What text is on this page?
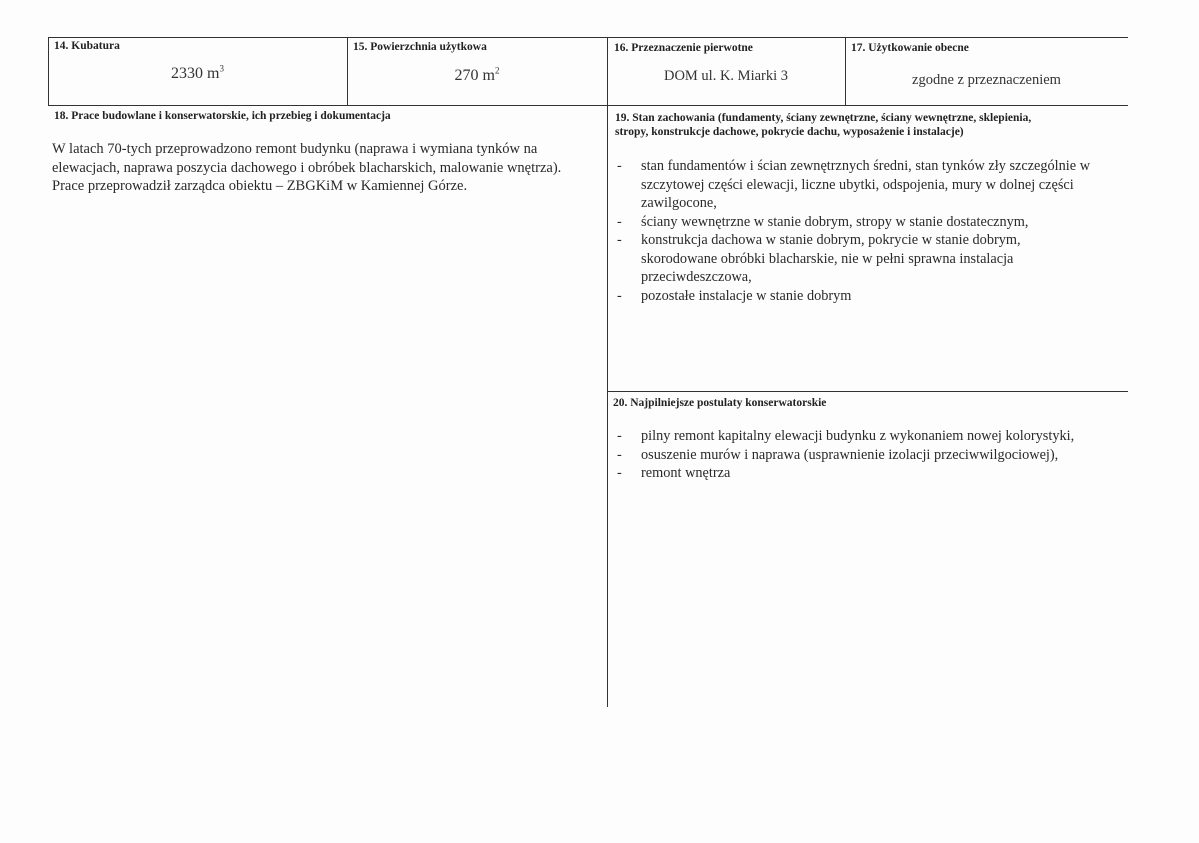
14. Kubatura
2330 $m^3$
15. Powierzchnia użytkowa
270 $m^2$
16. Przeznaczenie pierwotne
DOM ul. K. Miarki 3
17. Użytkowanie obecne
zgodne z przeznaczeniem
18. Prace budowlane i konserwatorskie, ich przebieg i dokumentacja
W latach 70-tych przeprowadzono remont budynku (naprawa i wymiana tynków na
elewacjach, naprawa poszycia dachowego i obróbek blacharskich, malowanie wnętrza).
Prace przeprowadził zarządca obiektu – ZBGKiM w Kamiennej Górze.
19. Stan zachowania (fundamenty, ściany zewnętrzne, ściany wewnętrzne, sklepienia,
stropy, konstrukcje dachowe, pokrycie dachu, wyposażenie i instalacje)
- stan fundamentów i ścian zewnętrznych średni, stan tynków zły szczególnie w
szczytowej części elewacji, liczne ubytki, odspojenia, mury w dolnej części
zawilgocone,
- ściany wewnętrzne w stanie dobrym, stropy w stanie dostatecznym,
- konstrukcja dachowa w stanie dobrym, pokrycie w stanie dobrym,
skorodowane obróbki blacharskie, nie w pełni sprawna instalacja
przeciwdeszczowa,
- pozostałe instalacje w stanie dobrym
20. Najpilniejsze postulaty konserwatorskie
- pilny remont kapitalny elewacji budynku z wykonaniem nowej kolorystyki,
- osuszenie murów i naprawa (usprawnienie izolacji przeciwwilgociowej),
- remont wnętrza
